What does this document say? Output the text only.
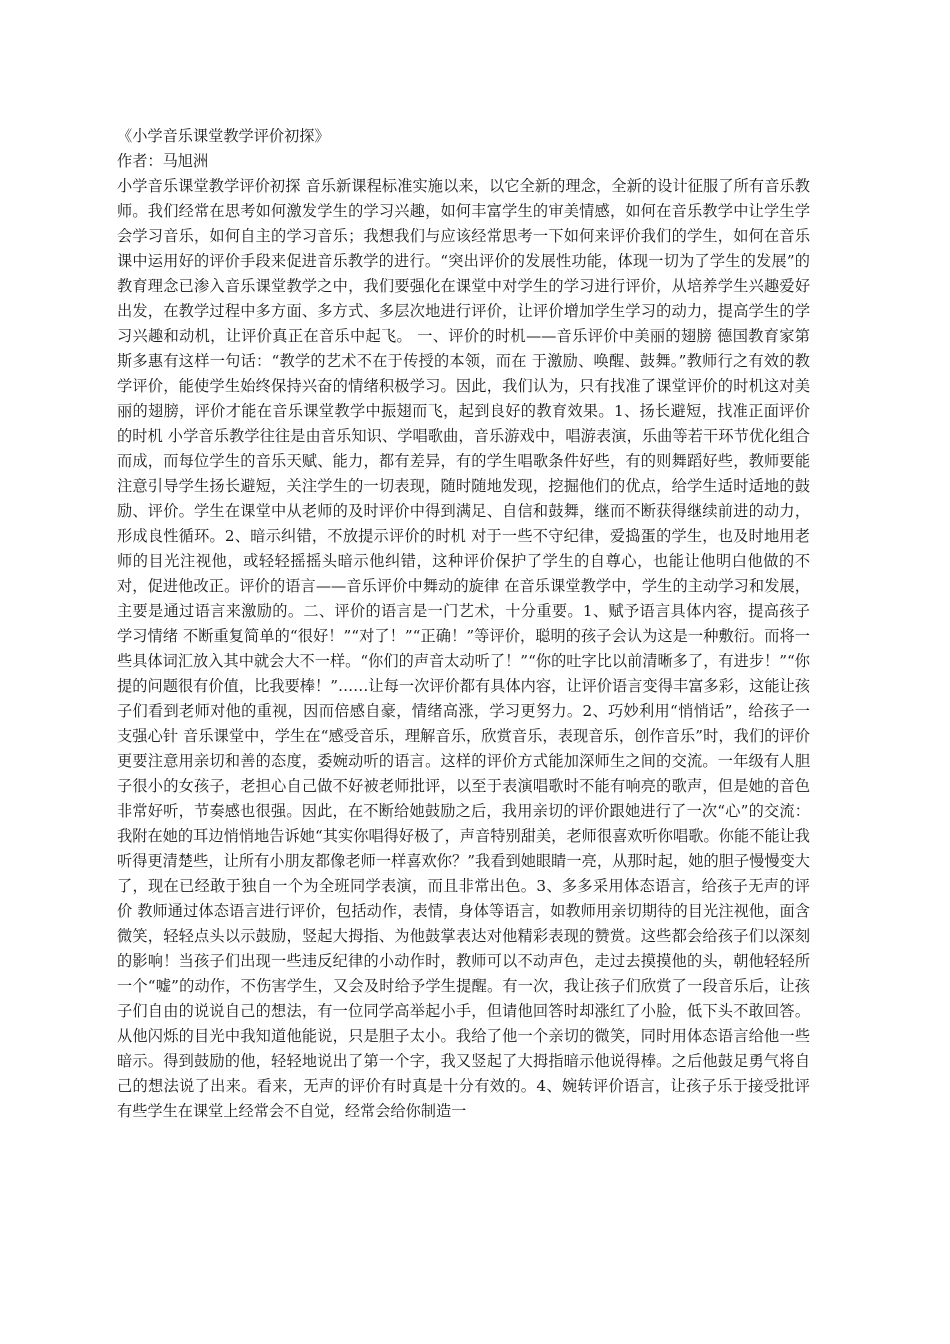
《小学音乐课堂教学评价初探》

作者：马旭洲

小学音乐课堂教学评价初探 音乐新课程标准实施以来，以它全新的理念，全新的设计征服了所有音乐教师。我们经常在思考如何激发学生的学习兴趣，如何丰富学生的审美情感，如何在音乐教学中让学生学会学习音乐，如何自主的学习音乐；我想我们与应该经常思考一下如何来评价我们的学生，如何在音乐课中运用好的评价手段来促进音乐教学的进行。“突出评价的发展性功能，体现一切为了学生的发展”的教育理念已渗入音乐课堂教学之中，我们要强化在课堂中对学生的学习进行评价，从培养学生兴趣爱好出发，在教学过程中多方面、多方式、多层次地进行评价，让评价增加学生学习的动力，提高学生的学习兴趣和动机，让评价真正在音乐中起飞。 一、评价的时机——音乐评价中美丽的翅膀 德国教育家第斯多惠有这样一句话：“教学的艺术不在于传授的本领，而在 于激励、唤醒、鼓舞。”教师行之有效的教学评价，能使学生始终保持兴奋的情绪积极学习。因此，我们认为，只有找准了课堂评价的时机这对美丽的翅膀，评价才能在音乐课堂教学中振翅而飞，起到良好的教育效果。1、扬长避短，找准正面评价的时机 小学音乐教学往往是由音乐知识、学唱歌曲，音乐游戏中，唱游表演，乐曲等若干环节优化组合而成，而每位学生的音乐天赋、能力，都有差异，有的学生唱歌条件好些，有的则舞蹈好些，教师要能注意引导学生扬长避短，关注学生的一切表现，随时随地发现，挖掘他们的优点，给学生适时适地的鼓励、评价。学生在课堂中从老师的及时评价中得到满足、自信和鼓舞，继而不断获得继续前进的动力，形成良性循环。2、暗示纠错，不放提示评价的时机 对于一些不守纪律，爱捣蛋的学生，也及时地用老师的目光注视他，或轻轻摇摇头暗示他纠错，这种评价保护了学生的自尊心，也能让他明白他做的不对，促进他改正。评价的语言——音乐评价中舞动的旋律 在音乐课堂教学中，学生的主动学习和发展，主要是通过语言来激励的。二、评价的语言是一门艺术，十分重要。1、赋予语言具体内容，提高孩子学习情绪 不断重复简单的“很好！”“对了！”“正确！”等评价，聪明的孩子会认为这是一种敷衍。而将一些具体词汇放入其中就会大不一样。“你们的声音太动听了！”“你的吐字比以前清晰多了，有进步！”“你提的问题很有价值，比我要棒！”……让每一次评价都有具体内容，让评价语言变得丰富多彩，这能让孩子们看到老师对他的重视，因而倍感自豪，情绪高涨，学习更努力。2、巧妙利用“悄悄话”，给孩子一支强心针 音乐课堂中，学生在“感受音乐，理解音乐，欣赏音乐，表现音乐，创作音乐”时，我们的评价更要注意用亲切和善的态度，委婉动听的语言。这样的评价方式能加深师生之间的交流。一年级有人胆子很小的女孩子，老担心自己做不好被老师批评，以至于表演唱歌时不能有响亮的歌声，但是她的音色非常好听，节奏感也很强。因此，在不断给她鼓励之后，我用亲切的评价跟她进行了一次“心”的交流：我附在她的耳边悄悄地告诉她“其实你唱得好极了，声音特别甜美，老师很喜欢听你唱歌。你能不能让我听得更清楚些，让所有小朋友都像老师一样喜欢你？”我看到她眼睛一亮，从那时起，她的胆子慢慢变大了，现在已经敢于独自一个为全班同学表演，而且非常出色。3、多多采用体态语言，给孩子无声的评价 教师通过体态语言进行评价，包括动作，表情，身体等语言，如教师用亲切期待的目光注视他，面含微笑，轻轻点头以示鼓励，竖起大拇指、为他鼓掌表达对他精彩表现的赞赏。这些都会给孩子们以深刻的影响！当孩子们出现一些违反纪律的小动作时，教师可以不动声色，走过去摸摸他的头，朝他轻轻所一个“嘘”的动作，不伤害学生，又会及时给予学生提醒。有一次，我让孩子们欣赏了一段音乐后，让孩子们自由的说说自己的想法，有一位同学高举起小手，但请他回答时却涨红了小脸，低下头不敢回答。从他闪烁的目光中我知道他能说，只是胆子太小。我给了他一个亲切的微笑，同时用体态语言给他一些暗示。得到鼓励的他，轻轻地说出了第一个字，我又竖起了大拇指暗示他说得棒。之后他鼓足勇气将自己的想法说了出来。看来，无声的评价有时真是十分有效的。4、婉转评价语言，让孩子乐于接受批评 有些学生在课堂上经常会不自觉，经常会给你制造一
